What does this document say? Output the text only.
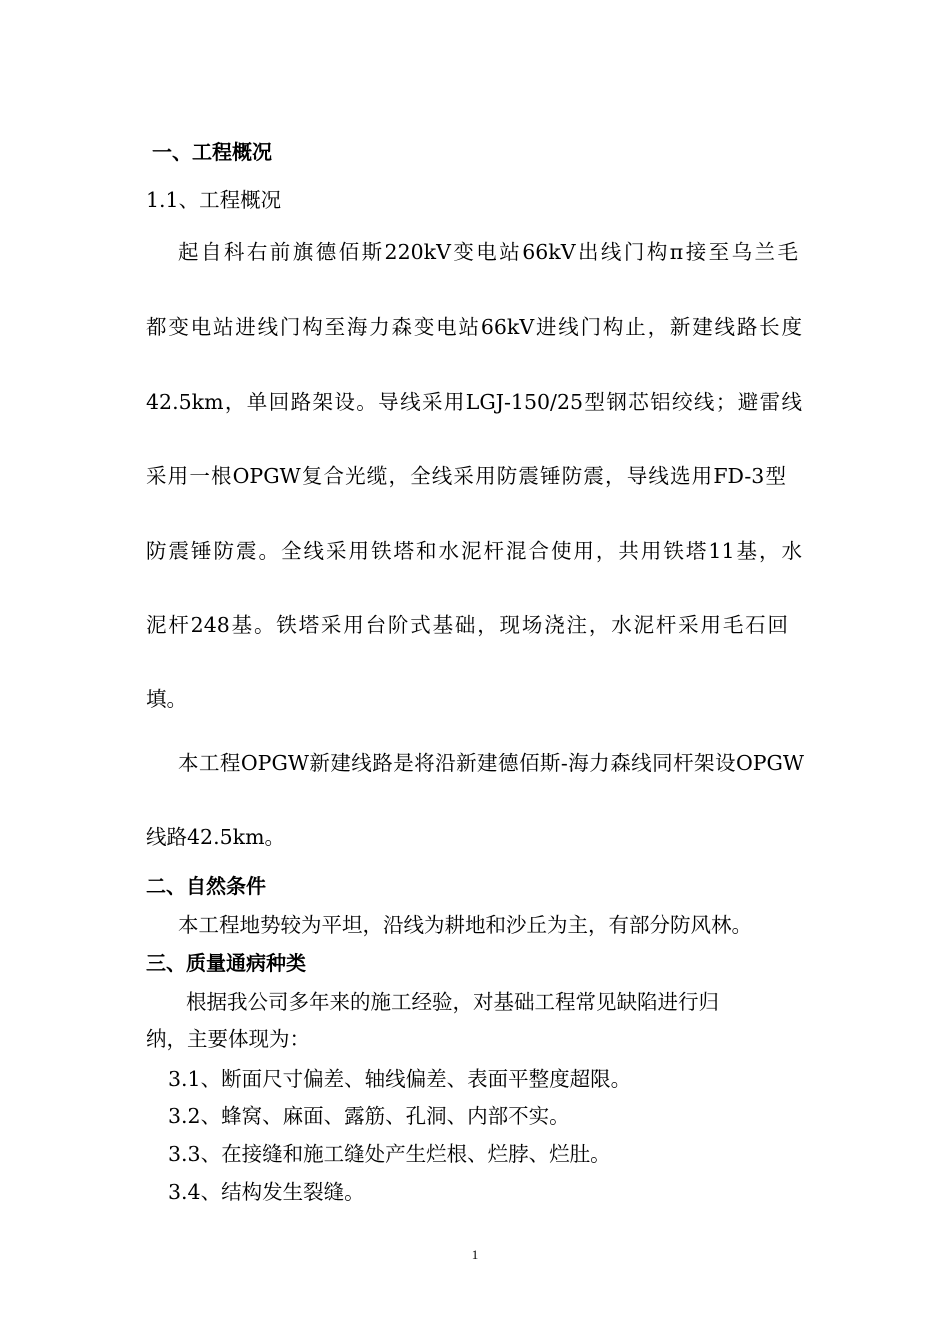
一、工程概况
1.1、工程概况
起自科右前旗德佰斯220kV变电站66kV出线门构π接至乌兰毛
都变电站进线门构至海力森变电站66kV进线门构止，新建线路长度
42.5km，单回路架设。导线采用LGJ-150/25型钢芯铝绞线；避雷线
采用一根OPGW复合光缆，全线采用防震锤防震，导线选用FD-3型
防震锤防震。全线采用铁塔和水泥杆混合使用，共用铁塔11基，水
泥杆248基。铁塔采用台阶式基础，现场浇注，水泥杆采用毛石回
填。
本工程OPGW新建线路是将沿新建德佰斯-海力森线同杆架设OPGW
线路42.5km。
二、自然条件
本工程地势较为平坦，沿线为耕地和沙丘为主，有部分防风林。
三、质量通病种类
根据我公司多年来的施工经验，对基础工程常见缺陷进行归
纳，主要体现为：
3.1、断面尺寸偏差、轴线偏差、表面平整度超限。
3.2、蜂窝、麻面、露筋、孔洞、内部不实。
3.3、在接缝和施工缝处产生烂根、烂脖、烂肚。
3.4、结构发生裂缝。
1
